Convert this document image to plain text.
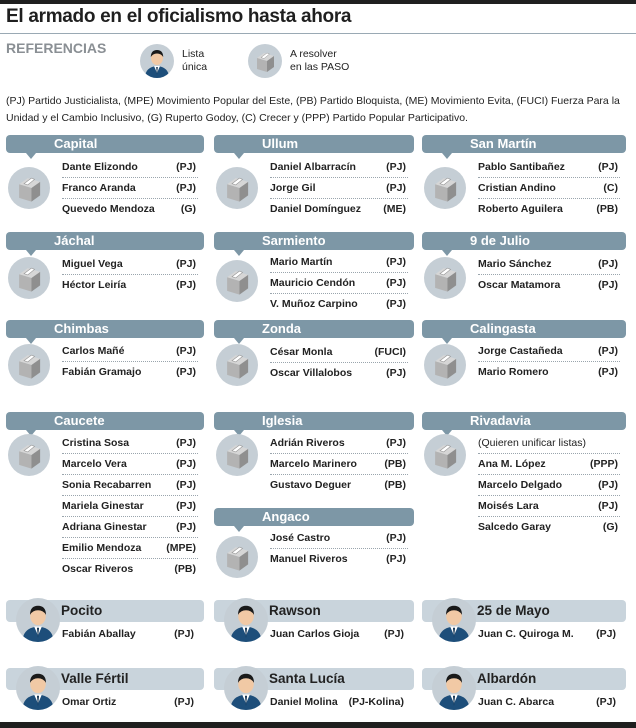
El armado en el oficialismo hasta ahora
REFERENCIAS	Lista
única
A resolver
en las PASO
(PJ) Partido Justicialista, (MPE) Movimiento Popular del Este, (PB) Partido Bloquista, (ME) Movimiento Evita, (FUCI) Fuerza Para la Unidad y el Cambio Inclusivo, (G) Ruperto Godoy, (C) Crecer y (PPP) Partido Popular Participativo.
Capital
Dante Elizondo	(PJ)
Franco Aranda	(PJ)
Quevedo Mendoza (G)
Ullum
Daniel Albarracín	(PJ)
Jorge Gil	(PJ)
Daniel Domínguez (ME)
San Martín
Pablo Santibañez	(PJ)
Cristian Andino	(C)
Roberto Aguilera	(PB)
Jáchal
Miguel Vega	(PJ)
Héctor Leiría	(PJ)
Sarmiento
Mario Martín	(PJ)
Mauricio Cendón	(PJ)
V. Muñoz Carpino	(PJ)
9 de Julio
Mario Sánchez	(PJ)
Oscar Matamora	(PJ)
Chimbas
Carlos Mañé	(PJ)
Fabián Gramajo	(PJ)
Zonda
César Monla	(FUCI)
Oscar Villalobos	(PJ)
Calingasta
Jorge Castañeda	(PJ)
Mario Romero	(PJ)
Caucete
Cristina Sosa	(PJ)
Marcelo Vera	(PJ)
Sonia Recabarren (PJ)
Mariela Ginestar	(PJ)
Adriana Ginestar	(PJ)
Emilio Mendoza (MPE)
Oscar Riveros	(PB)
Iglesia
Adrián Riveros	(PJ)
Marcelo Marinero	(PB)
Gustavo Deguer	(PB)
Rivadavia
(Quieren unificar listas)
Ana M. López	(PPP)
Marcelo Delgado	(PJ)
Moisés Lara	(PJ)
Salcedo Garay	(G)
Angaco
José Castro	(PJ)
Manuel Riveros	(PJ)
Pocito
Fabián Aballay	(PJ)
Rawson
Juan Carlos Gioja (PJ)
25 de Mayo
Juan C. Quiroga M. (PJ)
Valle Fértil
Omar Ortiz	(PJ)
Santa Lucía
Daniel Molina (PJ-Kolina)
Albardón
Juan C. Abarca	(PJ)
